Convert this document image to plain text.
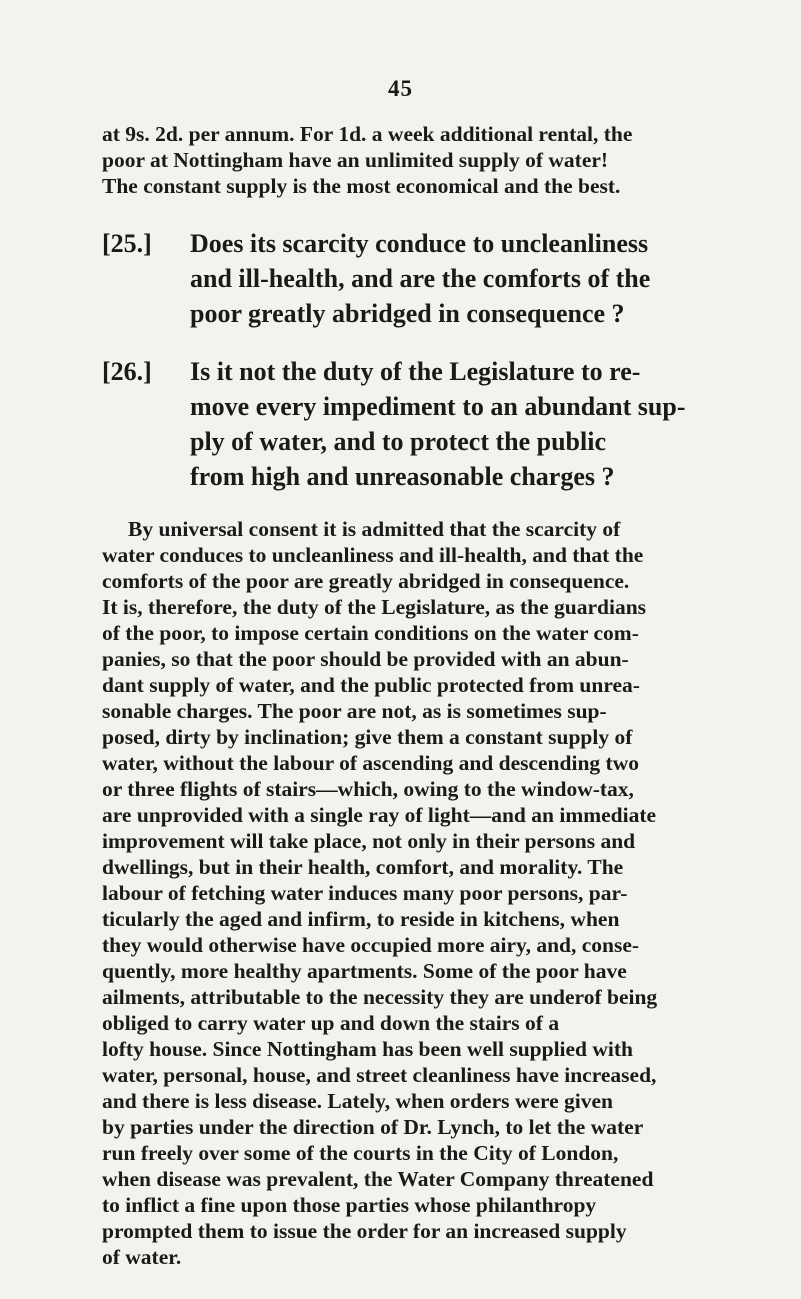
45
at 9s. 2d. per annum. For 1d. a week additional rental, the
poor at Nottingham have an unlimited supply of water!
The constant supply is the most economical and the best.
[25.] Does its scarcity conduce to uncleanliness
and ill-health, and are the comforts of the
poor greatly abridged in consequence ?
[26.] Is it not the duty of the Legislature to re-
move every impediment to an abundant sup-
ply of water, and to protect the public
from high and unreasonable charges ?
By universal consent it is admitted that the scarcity of
water conduces to uncleanliness and ill-health, and that the
comforts of the poor are greatly abridged in consequence.
It is, therefore, the duty of the Legislature, as the guardians
of the poor, to impose certain conditions on the water com-
panies, so that the poor should be provided with an abun-
dant supply of water, and the public protected from unrea-
sonable charges. The poor are not, as is sometimes sup-
posed, dirty by inclination; give them a constant supply of
water, without the labour of ascending and descending two
or three flights of stairs—which, owing to the window-tax,
are unprovided with a single ray of light—and an immediate
improvement will take place, not only in their persons and
dwellings, but in their health, comfort, and morality. The
labour of fetching water induces many poor persons, par-
ticularly the aged and infirm, to reside in kitchens, when
they would otherwise have occupied more airy, and, conse-
quently, more healthy apartments. Some of the poor have
ailments, attributable to the necessity they are underof being
obliged to carry water up and down the stairs of a
lofty house. Since Nottingham has been well supplied with
water, personal, house, and street cleanliness have increased,
and there is less disease. Lately, when orders were given
by parties under the direction of Dr. Lynch, to let the water
run freely over some of the courts in the City of London,
when disease was prevalent, the Water Company threatened
to inflict a fine upon those parties whose philanthropy
prompted them to issue the order for an increased supply
of water.
